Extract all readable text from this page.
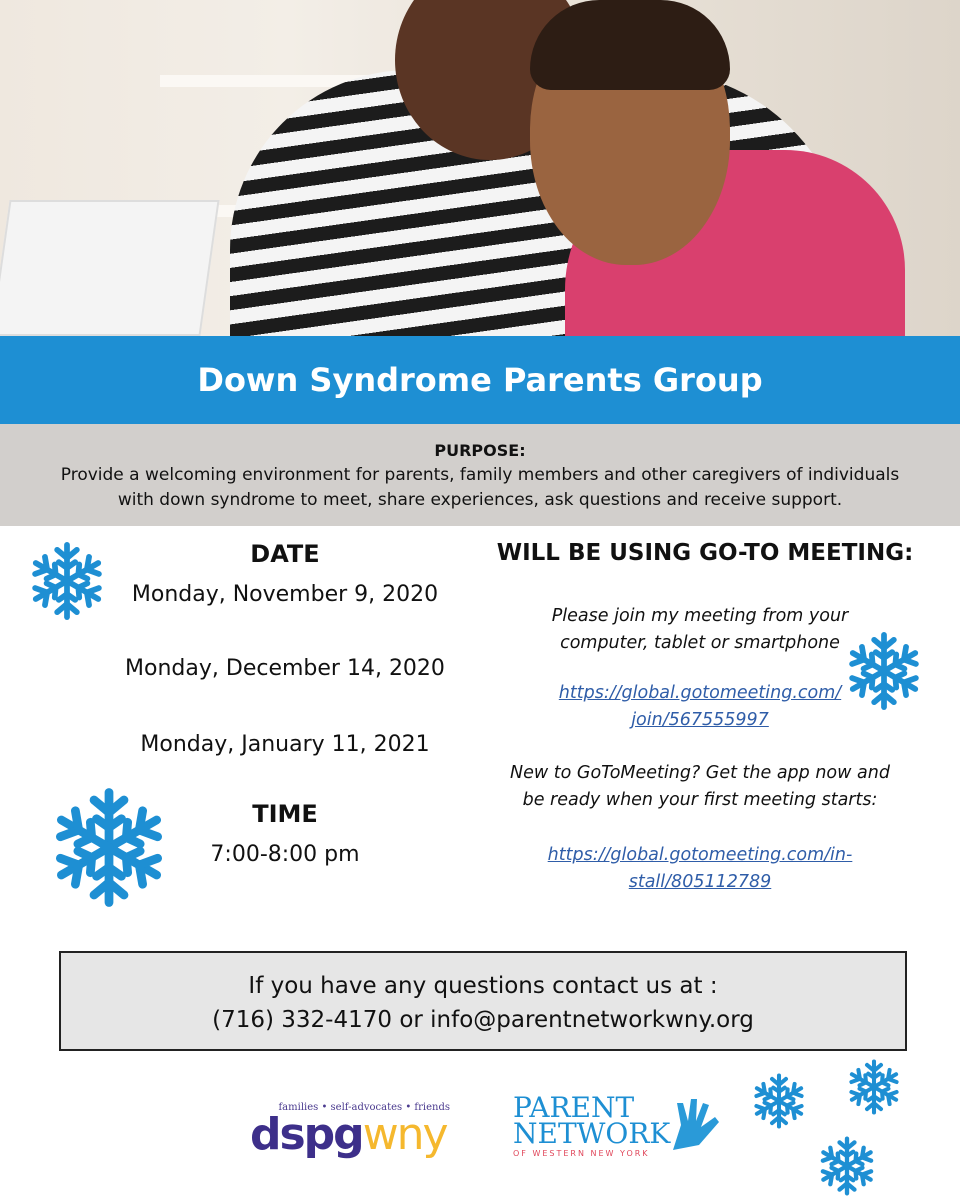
Down Syndrome Parents Group
PURPOSE:
Provide a welcoming environment for parents, family members and other caregivers of individuals
with down syndrome to meet, share experiences, ask questions and receive support.
DATE
Monday, November 9, 2020
Monday, December 14, 2020
Monday, January 11, 2021
TIME
7:00-8:00 pm
WILL BE USING GO-TO MEETING:
Please join my meeting from your
computer, tablet or smartphone
https://global.gotomeeting.com/
join/567555997
New to GoToMeeting? Get the app now and
be ready when your first meeting starts:
https://global.gotomeeting.com/in-
stall/805112789
If you have any questions contact us at :
(716) 332-4170 or info@parentnetworkwny.org
families • self-advocates • friends
dspgwny
PARENT
NETWORK
OF WESTERN NEW YORK
